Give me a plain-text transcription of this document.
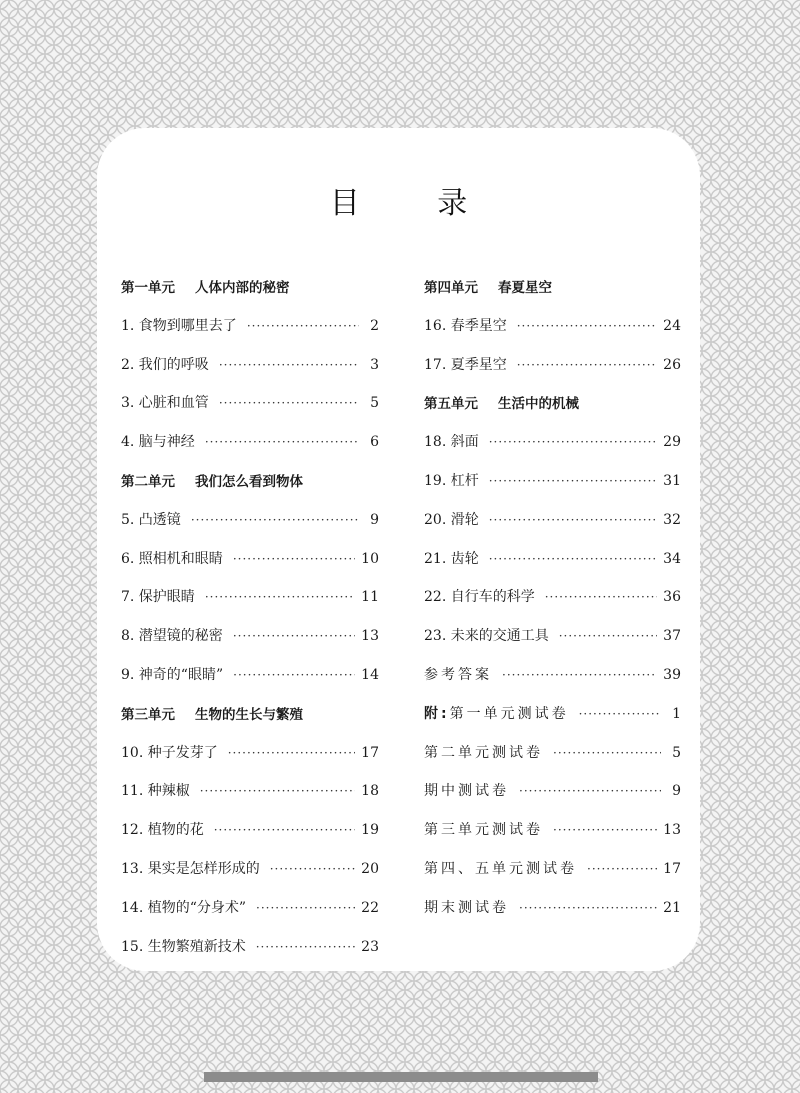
目 录
第一单元 人体内部的秘密
1. 食物到哪里去了 ·····	2
2. 我们的呼吸 ·····	3
3. 心脏和血管 ·····	5
4. 脑与神经 ·····	6
第二单元 我们怎么看到物体
5. 凸透镜 ·····	9
6. 照相机和眼睛 ·····	10
7. 保护眼睛 ·····	11
8. 潜望镜的秘密 ·····	13
9. 神奇的“眼睛” ·····	14
第三单元 生物的生长与繁殖
10. 种子发芽了 ·····	17
11. 种辣椒 ·····	18
12. 植物的花 ·····	19
13. 果实是怎样形成的 ·····	20
14. 植物的“分身术” ·····	22
15. 生物繁殖新技术 ·····	23
第四单元 春夏星空
16. 春季星空 ·····	24
17. 夏季星空 ·····	26
第五单元 生活中的机械
18. 斜面 ·····	29
19. 杠杆 ·····	31
20. 滑轮 ·····	32
21. 齿轮 ·····	34
22. 自行车的科学 ·····	36
23. 未来的交通工具 ·····	37
参考答案 ·····	39
附:第一单元测试卷 ·····	1
第二单元测试卷 ·····	5
期中测试卷 ·····	9
第三单元测试卷 ·····	13
第四、五单元测试卷 ·····	17
期末测试卷 ·····	21
